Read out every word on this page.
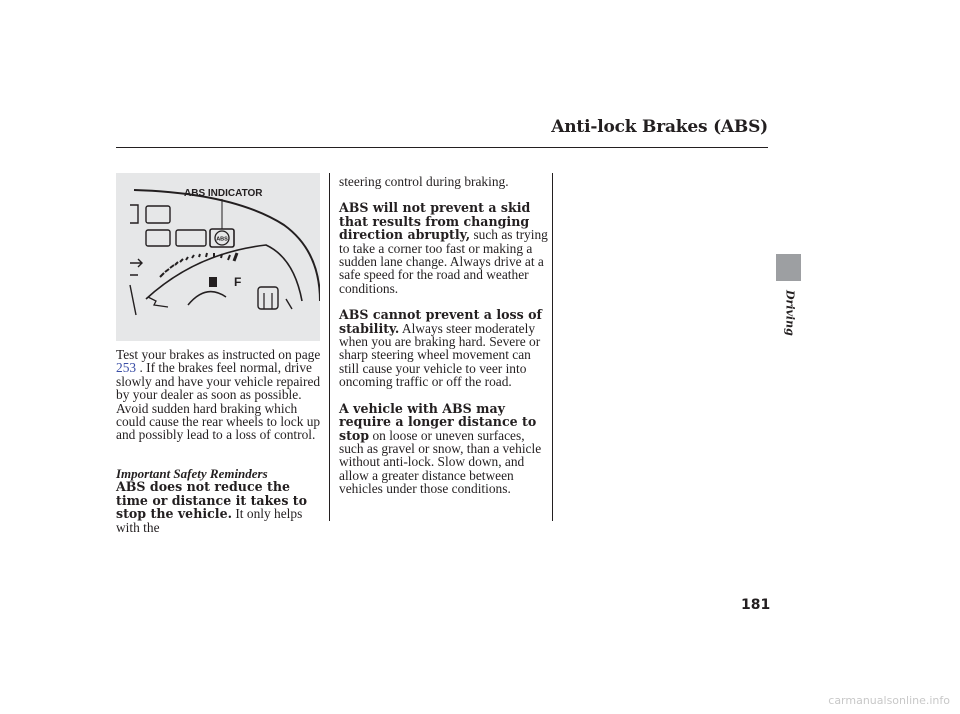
Anti-lock Brakes (ABS)
ABS INDICATOR
ABS
F

Test your brakes as instructed on page 253 . If the brakes feel normal, drive slowly and have your vehicle repaired by your dealer as soon as possible. Avoid sudden hard braking which could cause the rear wheels to lock up and possibly lead to a loss of control.

Important Safety Reminders

ABS does not reduce the time or distance it takes to stop the vehicle. It only helps with the

steering control during braking.

ABS will not prevent a skid that results from changing direction abruptly, such as trying to take a corner too fast or making a sudden lane change. Always drive at a safe speed for the road and weather conditions.

ABS cannot prevent a loss of stability. Always steer moderately when you are braking hard. Severe or sharp steering wheel movement can still cause your vehicle to veer into oncoming traffic or off the road.

A vehicle with ABS may require a longer distance to stop on loose or uneven surfaces, such as gravel or snow, than a vehicle without anti-lock. Slow down, and allow a greater distance between vehicles under those conditions.

Driving
181
carmanualsonline.info
